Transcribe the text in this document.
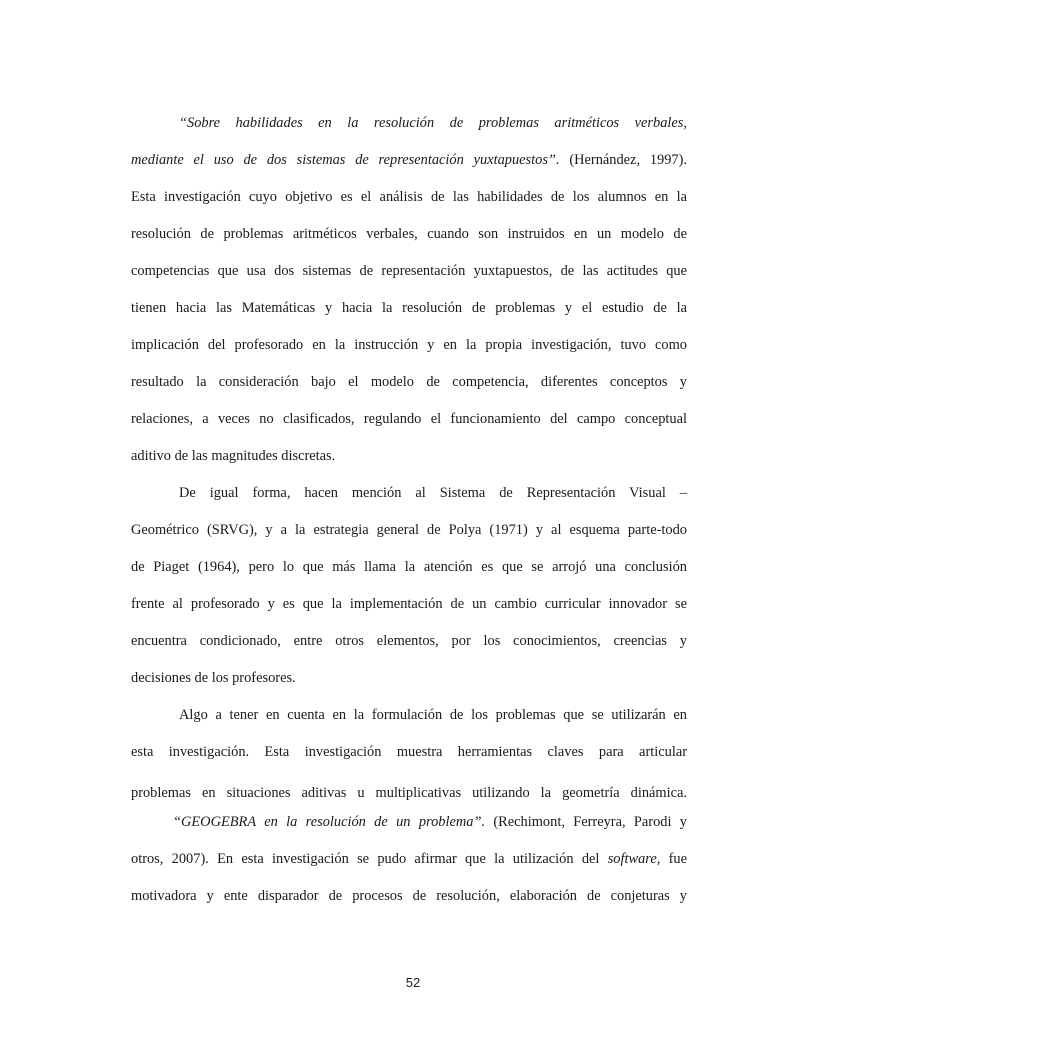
“Sobre habilidades en la resolución de problemas aritméticos verbales,
mediante el uso de dos sistemas de representación yuxtapuestos”. (Hernández, 1997).
Esta investigación cuyo objetivo es el análisis de las habilidades de los alumnos en la
resolución de problemas aritméticos verbales, cuando son instruidos en un modelo de
competencias que usa dos sistemas de representación yuxtapuestos, de las actitudes que
tienen hacia las Matemáticas y hacia la resolución de problemas y el estudio de la
implicación del profesorado en la instrucción y en la propia investigación, tuvo como
resultado la consideración bajo el modelo de competencia, diferentes conceptos y
relaciones, a veces no clasificados, regulando el funcionamiento del campo conceptual
aditivo de las magnitudes discretas.
De igual forma, hacen mención al Sistema de Representación Visual –
Geométrico (SRVG), y a la estrategia general de Polya (1971) y al esquema parte-todo
de Piaget (1964), pero lo que más llama la atención es que se arrojó una conclusión
frente al profesorado y es que la implementación de un cambio curricular innovador se
encuentra condicionado, entre otros elementos, por los conocimientos, creencias y
decisiones de los profesores.
Algo a tener en cuenta en la formulación de los problemas que se utilizarán en
esta investigación. Esta investigación muestra herramientas claves para articular
problemas en situaciones aditivas u multiplicativas utilizando la geometría dinámica.
“GEOGEBRA en la resolución de un problema”. (Rechimont, Ferreyra, Parodi y
otros, 2007). En esta investigación se pudo afirmar que la utilización del software, fue
motivadora y ente disparador de procesos de resolución, elaboración de conjeturas y
52
